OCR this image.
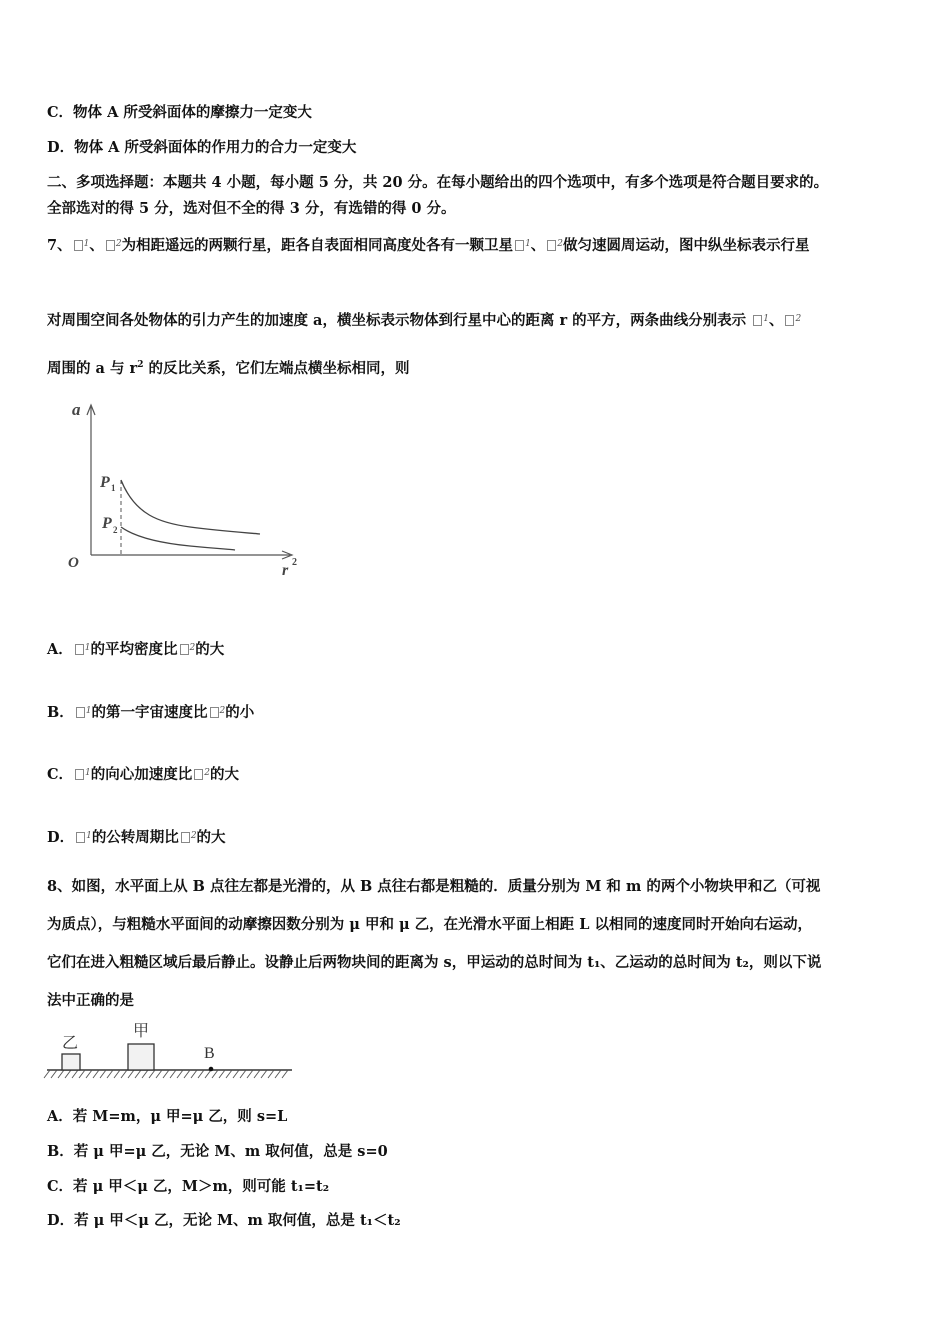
C．物体 A 所受斜面体的摩擦力一定变大
D．物体 A 所受斜面体的作用力的合力一定变大
二、多项选择题：本题共 4 小题，每小题 5 分，共 20 分。在每小题给出的四个选项中，有多个选项是符合题目要求的。
全部选对的得 5 分，选对但不全的得 3 分，有选错的得 0 分。
7、 $^1$、 $^2$为相距遥远的两颗行星，距各自表面相同高度处各有一颗卫星 $^1$、 $^2$做匀速圆周运动，图中纵坐标表示行星
对周围空间各处物体的引力产生的加速度 a，横坐标表示物体到行星中心的距离 r 的平方，两条曲线分别表示 $^1$、 $^2$
周围的 a 与 $r^2$ 的反比关系，它们左端点横坐标相同，则
a
O	r 2
P 1
P 2
A． $^1$的平均密度比 $^2$的大
B． $^1$的第一宇宙速度比 $^2$的小
C． $^1$的向心加速度比 $^2$的大
D． $^1$的公转周期比 $^2$的大
8、如图，水平面上从 B 点往左都是光滑的，从 B 点往右都是粗糙的．质量分别为 M 和 m 的两个小物块甲和乙（可视
为质点），与粗糙水平面间的动摩擦因数分别为 μ 甲和 μ 乙，在光滑水平面上相距 L 以相同的速度同时开始向右运动，
它们在进入粗糙区域后最后静止。设静止后两物块间的距离为 s，甲运动的总时间为 t₁、乙运动的总时间为 t₂，则以下说
法中正确的是
乙
甲
B
A．若 M=m，μ 甲=μ 乙，则 s=L
B．若 μ 甲=μ 乙，无论 M、m 取何值，总是 s=0
C．若 μ 甲＜μ 乙，M＞m，则可能 t₁=t₂
D．若 μ 甲＜μ 乙，无论 M、m 取何值，总是 t₁＜t₂
